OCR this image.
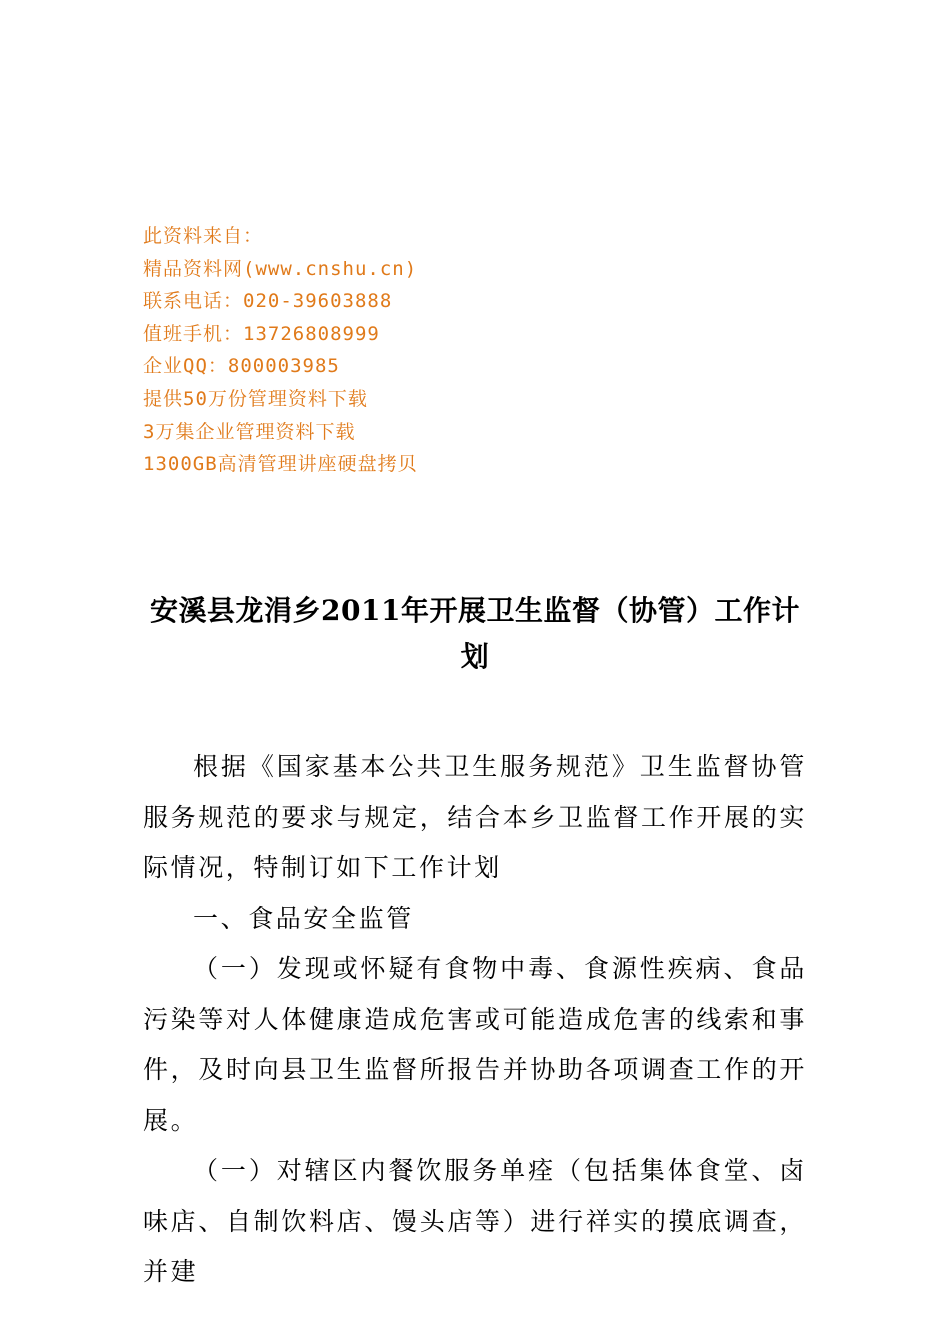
此资料来自：
精品资料网(www.cnshu.cn)
联系电话：020-39603888
值班手机：13726808999
企业QQ：800003985
提供50万份管理资料下载
3万集企业管理资料下载
1300GB高清管理讲座硬盘拷贝
安溪县龙涓乡2011年开展卫生监督（协管）工作计划

根据《国家基本公共卫生服务规范》卫生监督协管服务规范的要求与规定，结合本乡卫监督工作开展的实际情况，特制订如下工作计划

一、食品安全监管

（一）发现或怀疑有食物中毒、食源性疾病、食品污染等对人体健康造成危害或可能造成危害的线索和事件，及时向县卫生监督所报告并协助各项调查工作的开展。

（一）对辖区内餐饮服务单痊（包括集体食堂、卤味店、自制饮料店、馒头店等）进行祥实的摸底调查，并建
